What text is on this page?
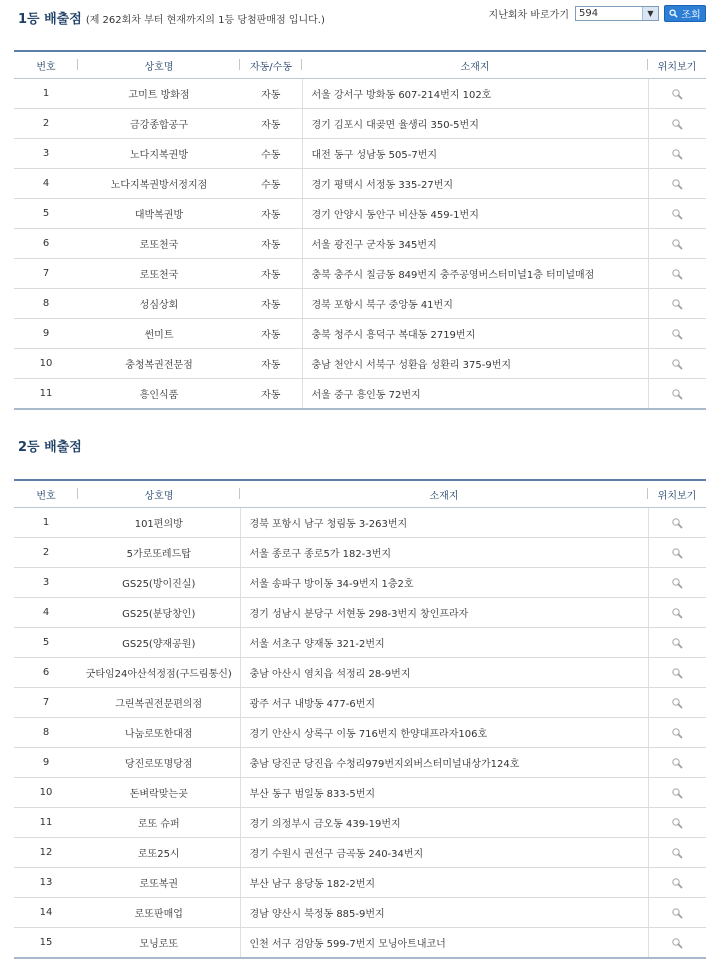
1등 배출점 (제 262회차 부터 현재까지의 1등 당첨판매점 입니다.)	지난회차 바로가기	594	▼	조회
번호	상호명	자동/수동	소재지	위치보기
1	고미트 방화점	자동	서울 강서구 방화동 607-214번지 102호	
2	금강종합공구	자동	경기 김포시 대곶면 율생리 350-5번지	
3	노다지복권방	수동	대전 동구 성남동 505-7번지	
4	노다지복권방서정지점	수동	경기 평택시 서정동 335-27번지	
5	대박복권방	자동	경기 안양시 동안구 비산동 459-1번지	
6	로또천국	자동	서울 광진구 군자동 345번지	
7	로또천국	자동	충북 충주시 칠금동 849번지 충주공영버스터미널1층 터미널매점	
8	성심상회	자동	경북 포항시 북구 중앙동 41번지	
9	썬미트	자동	충북 청주시 흥덕구 복대동 2719번지	
10	충청복권전문점	자동	충남 천안시 서북구 성환읍 성환리 375-9번지	
11	흥인식품	자동	서울 중구 흥인동 72번지	
2등 배출점
번호	상호명	소재지	위치보기
1	101편의방	경북 포항시 남구 청림동 3-263번지	
2	5가로또레드탑	서울 종로구 종로5가 182-3번지	
3	GS25(방이진실)	서울 송파구 방이동 34-9번지 1층2호	
4	GS25(분당창인)	경기 성남시 분당구 서현동 298-3번지 창인프라자	
5	GS25(양재공원)	서울 서초구 양재동 321-2번지	
6	굿타임24아산석정점(구드림통신)	충남 아산시 염치읍 석정리 28-9번지	
7	그린복권전문편의점	광주 서구 내방동 477-6번지	
8	나눔로또한대점	경기 안산시 상록구 이동 716번지 한양대프라자106호	
9	당진로또명당점	충남 당진군 당진읍 수청리979번지외버스터미널내상가124호	
10	돈벼락맞는곳	부산 동구 범일동 833-5번지	
11	로또 슈퍼	경기 의정부시 금오동 439-19번지	
12	로또25시	경기 수원시 권선구 금곡동 240-34번지	
13	로또복권	부산 남구 용당동 182-2번지	
14	로또판매업	경남 양산시 북정동 885-9번지	
15	모닝로또	인천 서구 검암동 599-7번지 모닝아트내코너	
